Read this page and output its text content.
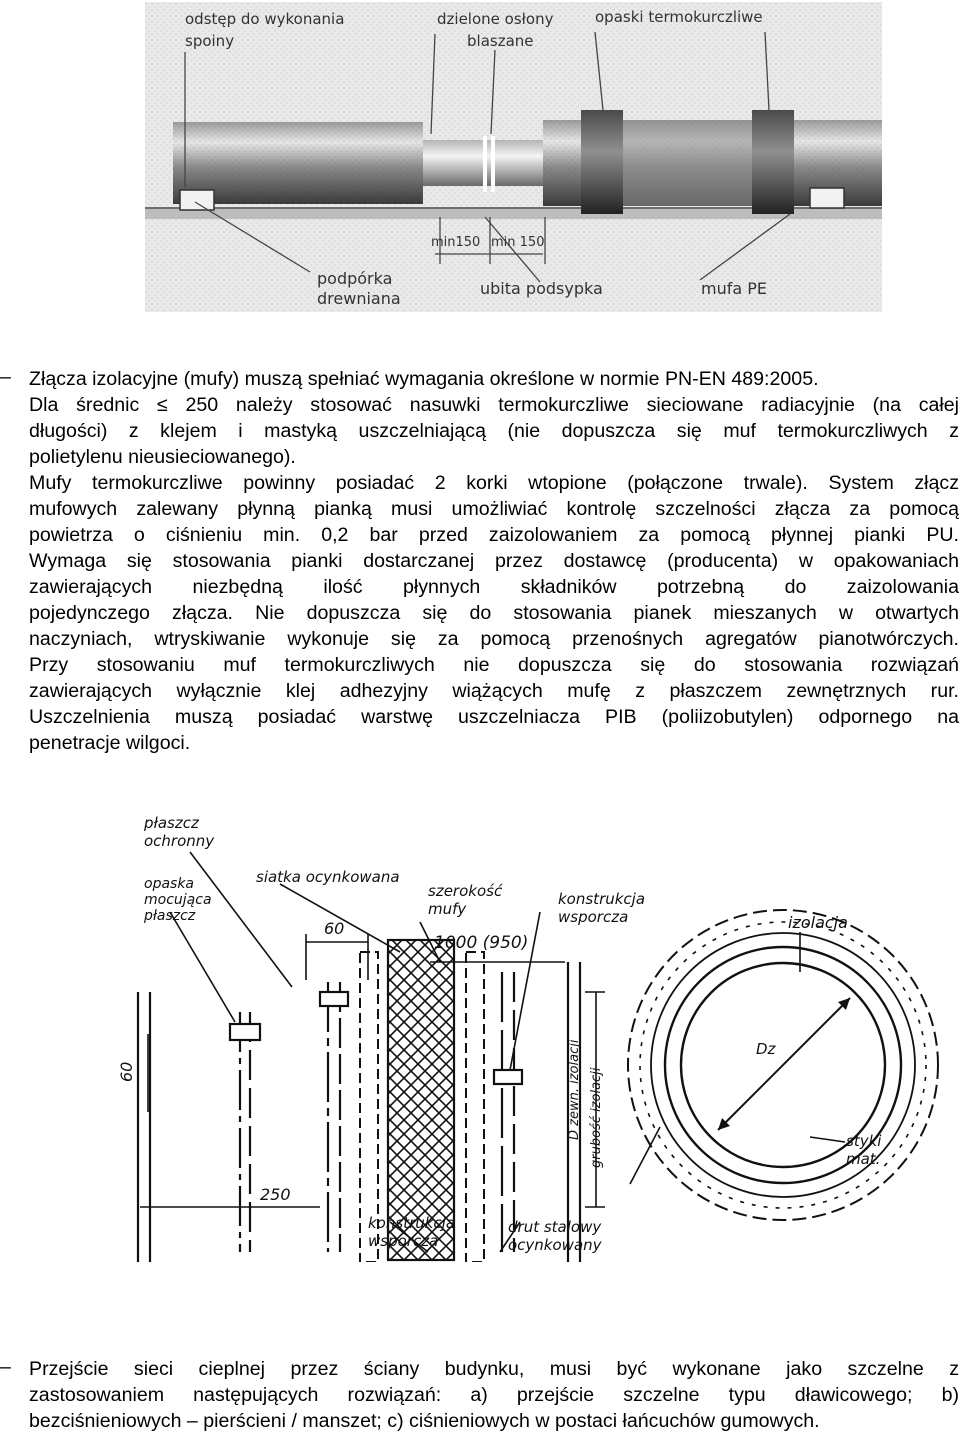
odstęp do wykonania
spoiny
dzielone osłony
blaszane
opaski termokurczliwe
min150 min 150
podpórka
drewniana
ubita podsypka	mufa PE
– Złącza izolacyjne (mufy) muszą spełniać wymagania określone w normie PN-EN 489:2005.
Dla średnic ≤ 250 należy stosować nasuwki termokurczliwe sieciowane radiacyjnie (na całej
długości) z klejem i mastyką uszczelniającą (nie dopuszcza się muf termokurczliwych z
polietylenu nieusieciowanego).
Mufy termokurczliwe powinny posiadać 2 korki wtopione (połączone trwale). System złącz
mufowych zalewany płynną pianką musi umożliwiać kontrolę szczelności złącza za pomocą
powietrza o ciśnieniu min. 0,2 bar przed zaizolowaniem za pomocą płynnej pianki PU.
Wymaga się stosowania pianki dostarczanej przez dostawcę (producenta) w opakowaniach
zawierających niezbędną ilość płynnych składników potrzebną do zaizolowania
pojedynczego złącza. Nie dopuszcza się do stosowania pianek mieszanych w otwartych
naczyniach, wtryskiwanie wykonuje się za pomocą przenośnych agregatów pianotwórczych.
Przy stosowaniu muf termokurczliwych nie dopuszcza się do stosowania rozwiązań
zawierających wyłącznie klej adhezyjny wiążących mufę z płaszczem zewnętrznych rur.
Uszczelnienia muszą posiadać warstwę uszczelniacza PIB (poliizobutylen) odpornego na
penetracje wilgoci.
płaszcz
ochronny
opaska
mocująca
płaszcz
siatka ocynkowana
szerokość
mufy
konstrukcja
wsporcza	izolacja
60
1000 (950)
60
250
Dz
D zewn. izolacji grubość izolacji	styki
mat.
konstrukcja
wsporcza
drut stalowy
ocynkowany
– Przejście sieci cieplnej przez ściany budynku, musi być wykonane jako szczelne z
zastosowaniem następujących rozwiązań: a) przejście szczelne typu dławicowego; b)
bezciśnieniowych – pierścieni / manszet; c) ciśnieniowych w postaci łańcuchów gumowych.
